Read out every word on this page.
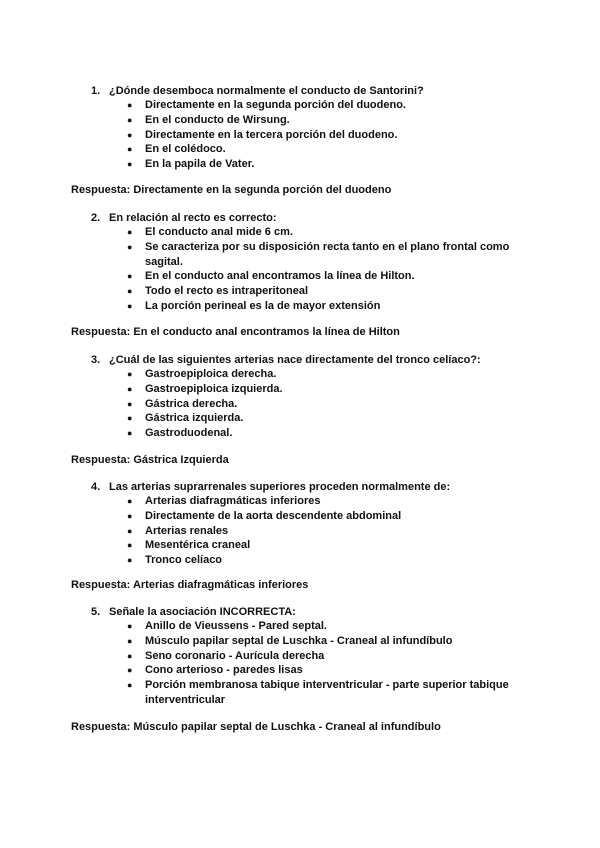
1. ¿Dónde desemboca normalmente el conducto de Santorini?
●	Directamente en la segunda porción del duodeno.
●	En el conducto de Wirsung.
●	Directamente en la tercera porción del duodeno.
●	En el colédoco.
●	En la papila de Vater.
Respuesta: Directamente en la segunda porción del duodeno
2. En relación al recto es correcto:
●	El conducto anal mide 6 cm.
●	Se caracteriza por su disposición recta tanto en el plano frontal como sagital.
●	En el conducto anal encontramos la línea de Hilton.
●	Todo el recto es intraperitoneal
●	La porción perineal es la de mayor extensión
Respuesta: En el conducto anal encontramos la línea de Hilton
3. ¿Cuál de las siguientes arterias nace directamente del tronco celíaco?:
●	Gastroepiploica derecha.
●	Gastroepiploica izquierda.
●	Gástrica derecha.
●	Gástrica izquierda.
●	Gastroduodenal.
Respuesta: Gástrica Izquierda
4. Las arterias suprarrenales superiores proceden normalmente de:
●	Arterias diafragmáticas inferiores
●	Directamente de la aorta descendente abdominal
●	Arterias renales
●	Mesentérica craneal
●	Tronco celíaco
Respuesta: Arterias diafragmáticas inferiores
5. Señale la asociación INCORRECTA:
●	Anillo de Vieussens - Pared septal.
●	Músculo papilar septal de Luschka - Craneal al infundíbulo
●	Seno coronario - Aurícula derecha
●	Cono arterioso - paredes lisas
●	Porción membranosa tabique interventricular - parte superior tabique interventricular
Respuesta: Músculo papilar septal de Luschka - Craneal al infundíbulo
